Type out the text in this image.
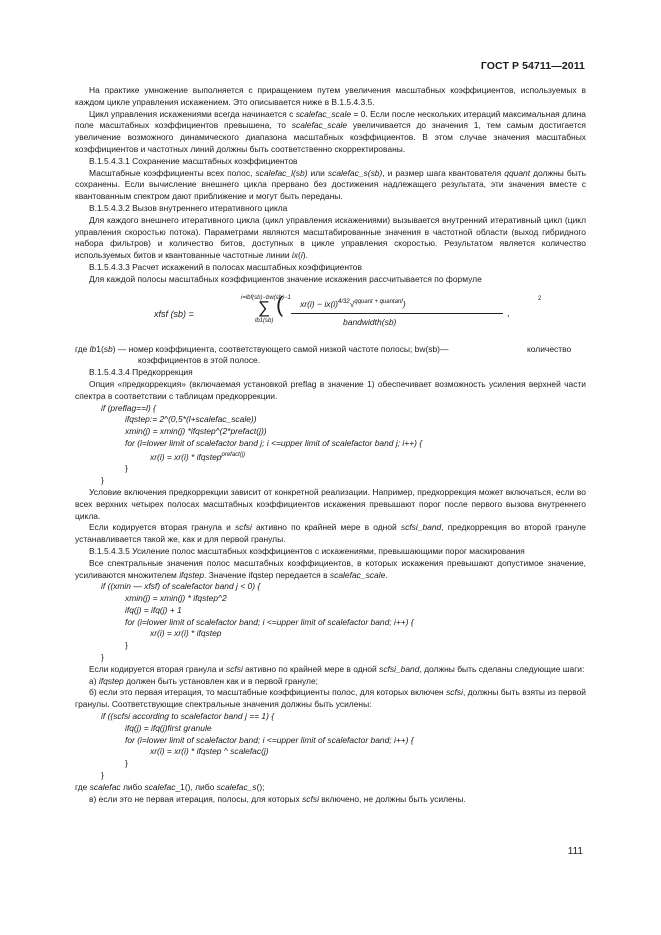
ГОСТ Р 54711—2011

На практике умножение выполняется с приращением путем увеличения масштабных коэффициентов, используемых в каждом цикле управления искажением. Это описывается ниже в В.1.5.4.3.5.

Цикл управления искажениями всегда начинается с scalefac_scale = 0. Если после нескольких итераций максимальная длина поле масштабных коэффициентов превышена, то scalefac_scale увеличивается до значения 1, тем самым достигается увеличение возможного динамического диапазона масштабных коэффициентов. В этом случае значения масштабных коэффициентов и частотных линий должны быть соответственно скорректированы.

В.1.5.4.3.1 Сохранение масштабных коэффициентов

Масштабные коэффициенты всех полос, scalefac_l(sb) или scalefac_s(sb), и размер шага квантователя qquant должны быть сохранены. Если вычисление внешнего цикла прервано без достижения надлежащего результата, эти значения вместе с квантованным спектром дают приближение и могут быть переданы.

В.1.5.4.3.2 Вызов внутреннего итеративного цикла

Для каждого внешнего итеративного цикла (цикл управления искажениями) вызывается внутренний итеративный цикл (цикл управления скоростью потока). Параметрами являются масштабированные значения в частотной области (выход гибридного набора фильтров) и количество битов, доступных в цикле управления скоростью. Результатом является количество используемых битов и квантованные частотные линии ix(i).

В.1.5.4.3.3 Расчет искажений в полосах масштабных коэффициентов

Для каждой полосы масштабных коэффициентов значение искажения рассчитывается по формуле

xfsf (sb) =
i=lbf(sb)−bw(sb)−1
∑
lb1(sb)
( $xr(i) - ix(i)^{4/32}√^{qquant + quantanf}$)	2
bandwidth(sb)
,

где lb1(sb) — номер коэффициента, соответствующего самой низкой частоте полосы; bw(sb)—	количество

коэффициентов в этой полосе.

В.1.5.4.3.4 Предкоррекция

Опция «предкоррекция» (включаемая установкой preflag в значение 1) обеспечивает возможность усиления верхней части спектра в соответствии с таблицам предкоррекции.

if (preflag==l) {

ifqstep:= 2^(0,5*(l+scalefac_scale))

xmin(j) = xmin(j) *ifqstep^(2*prefact(j))

for (i=lower limit of scalefactor band j; i <=upper limit of scalefactor band j; i++) {

xr(i) = xr(i) * ifqstep$^{prefact(j)}$

}

}

Условие включения предкоррекции зависит от конкретной реализации. Например, предкоррекция может включаться, если во всех верхних четырех полосах масштабных коэффициентов искажения превышают порог после первого вызова внутреннего цикла.

Если кодируется вторая гранула и scfsi активно по крайней мере в одной scfsi_band, предкоррекция во второй грануле устанавливается такой же, как и для первой гранулы.

В.1.5.4.3.5 Усиление полос масштабных коэффициентов с искажениями, превышающими порог маскирования

Все спектральные значения полос масштабных коэффициентов, в которых искажения превышают допустимое значение, усиливаются множителем ifqstep. Значение ifqstep передается в scalefac_scale.

if ((xmin — xfsf) of scalefactor band j < 0) {

xmin(j) = xmin(j) * ifqstep^2

ifq(j) = ifq(j) + 1

for (i=lower limit of scalefactor band; i <=upper limit of scalefactor band; i++) {

xr(i) = xr(i) * ifqstep

}

}

Если кодируется вторая гранула и scfsi активно по крайней мере в одной scfsi_band, должны быть сделаны следующие шаги:

а) ifqstep должен быть установлен как и в первой грануле;

б) если это первая итерация, то масштабные коэффициенты полос, для которых включен scfsi, должны быть взяты из первой гранулы. Соответствующие спектральные значения должны быть усилены:

if ((scfsi according to scalefactor band j == 1) {

ifq(j) = ifq(j)first granule

for (i=lower limit of scalefactor band; i <=upper limit of scalefactor band; i++) {

xr(i) = xr(i) * ifqstep ^ scalefac(j)

}

}

где scalefac либо scalefac_1(), либо scalefac_s();

в) если это не первая итерация, полосы, для которых scfsi включено, не должны быть усилены.

111
